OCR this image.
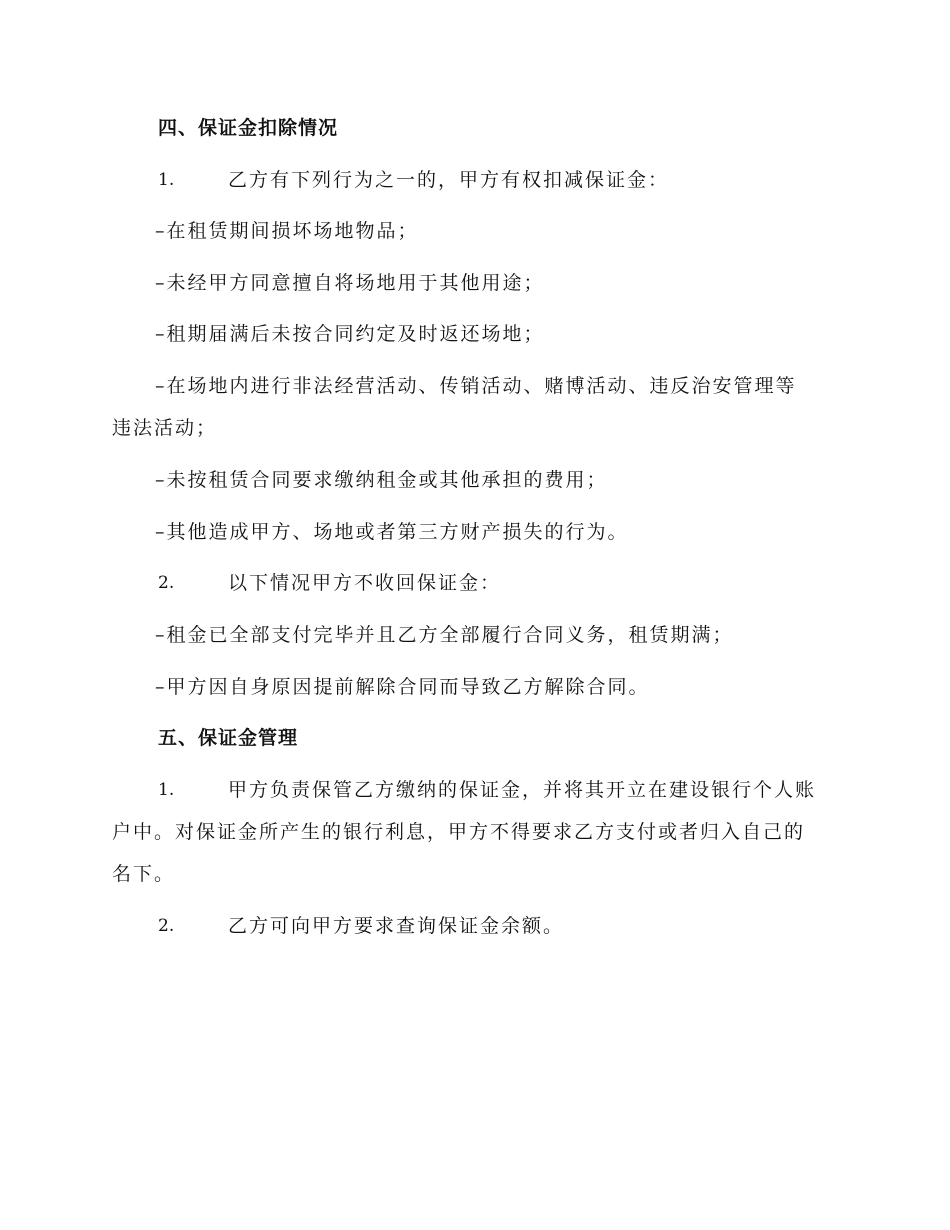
四、保证金扣除情况
1.	乙方有下列行为之一的，甲方有权扣减保证金：
–在租赁期间损坏场地物品；
–未经甲方同意擅自将场地用于其他用途；
–租期届满后未按合同约定及时返还场地；
–在场地内进行非法经营活动、传销活动、赌博活动、违反治安管理等
违法活动；
–未按租赁合同要求缴纳租金或其他承担的费用；
–其他造成甲方、场地或者第三方财产损失的行为。
2.	以下情况甲方不收回保证金：
–租金已全部支付完毕并且乙方全部履行合同义务，租赁期满；
–甲方因自身原因提前解除合同而导致乙方解除合同。
五、保证金管理
1.	甲方负责保管乙方缴纳的保证金，并将其开立在建设银行个人账
户中。对保证金所产生的银行利息，甲方不得要求乙方支付或者归入自己的
名下。
2.	乙方可向甲方要求查询保证金余额。
